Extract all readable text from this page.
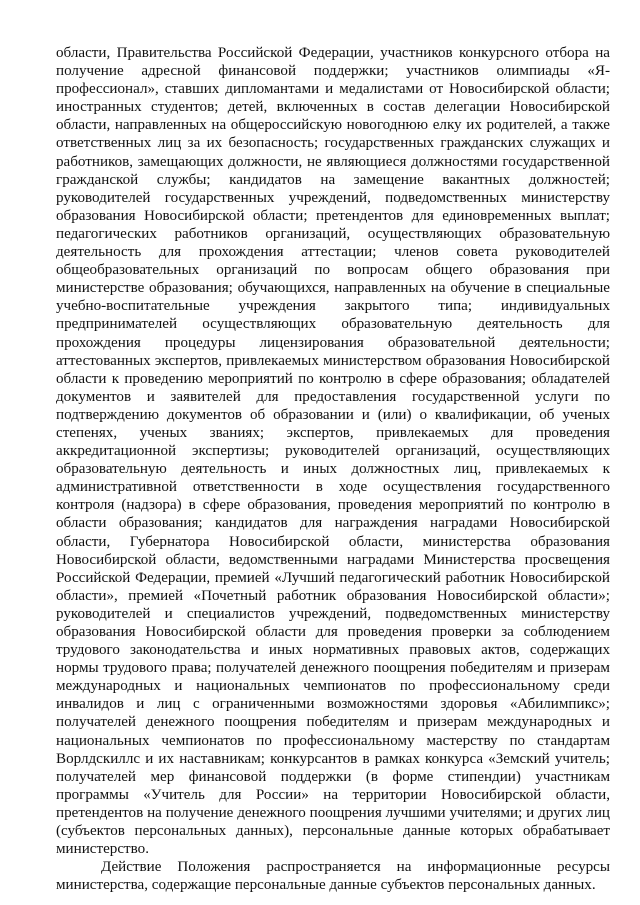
области, Правительства Российской Федерации, участников конкурсного отбора на получение адресной финансовой поддержки; участников олимпиады «Я-профессионал», ставших дипломантами и медалистами от Новосибирской области; иностранных студентов; детей, включенных в состав делегации Новосибирской области, направленных на общероссийскую новогоднюю елку их родителей, а также ответственных лиц за их безопасность; государственных гражданских служащих и работников, замещающих должности, не являющиеся должностями государственной гражданской службы; кандидатов на замещение вакантных должностей; руководителей государственных учреждений, подведомственных министерству образования Новосибирской области; претендентов для единовременных выплат; педагогических работников организаций, осуществляющих образовательную деятельность для прохождения аттестации; членов совета руководителей общеобразовательных организаций по вопросам общего образования при министерстве образования; обучающихся, направленных на обучение в специальные учебно-воспитательные учреждения закрытого типа; индивидуальных предпринимателей осуществляющих образовательную деятельность для прохождения процедуры лицензирования образовательной деятельности; аттестованных экспертов, привлекаемых министерством образования Новосибирской области к проведению мероприятий по контролю в сфере образования; обладателей документов и заявителей для предоставления государственной услуги по подтверждению документов об образовании и (или) о квалификации, об ученых степенях, ученых званиях; экспертов, привлекаемых для проведения аккредитационной экспертизы; руководителей организаций, осуществляющих образовательную деятельность и иных должностных лиц, привлекаемых к административной ответственности в ходе осуществления государственного контроля (надзора) в сфере образования, проведения мероприятий по контролю в области образования; кандидатов для награждения наградами Новосибирской области, Губернатора Новосибирской области, министерства образования Новосибирской области, ведомственными наградами Министерства просвещения Российской Федерации, премией «Лучший педагогический работник Новосибирской области», премией «Почетный работник образования Новосибирской области»; руководителей и специалистов учреждений, подведомственных министерству образования Новосибирской области для проведения проверки за соблюдением трудового законодательства и иных нормативных правовых актов, содержащих нормы трудового права; получателей денежного поощрения победителям и призерам международных и национальных чемпионатов по профессиональному среди инвалидов и лиц с ограниченными возможностями здоровья «Абилимпикс»; получателей денежного поощрения победителям и призерам международных и национальных чемпионатов по профессиональному мастерству по стандартам Ворлдскиллс и их наставникам; конкурсантов в рамках конкурса «Земский учитель; получателей мер финансовой поддержки (в форме стипендии) участникам программы «Учитель для России» на территории Новосибирской области, претендентов на получение денежного поощрения лучшими учителями; и других лиц (субъектов персональных данных), персональные данные которых обрабатывает министерство.

Действие Положения распространяется на информационные ресурсы министерства, содержащие персональные данные субъектов персональных данных.
